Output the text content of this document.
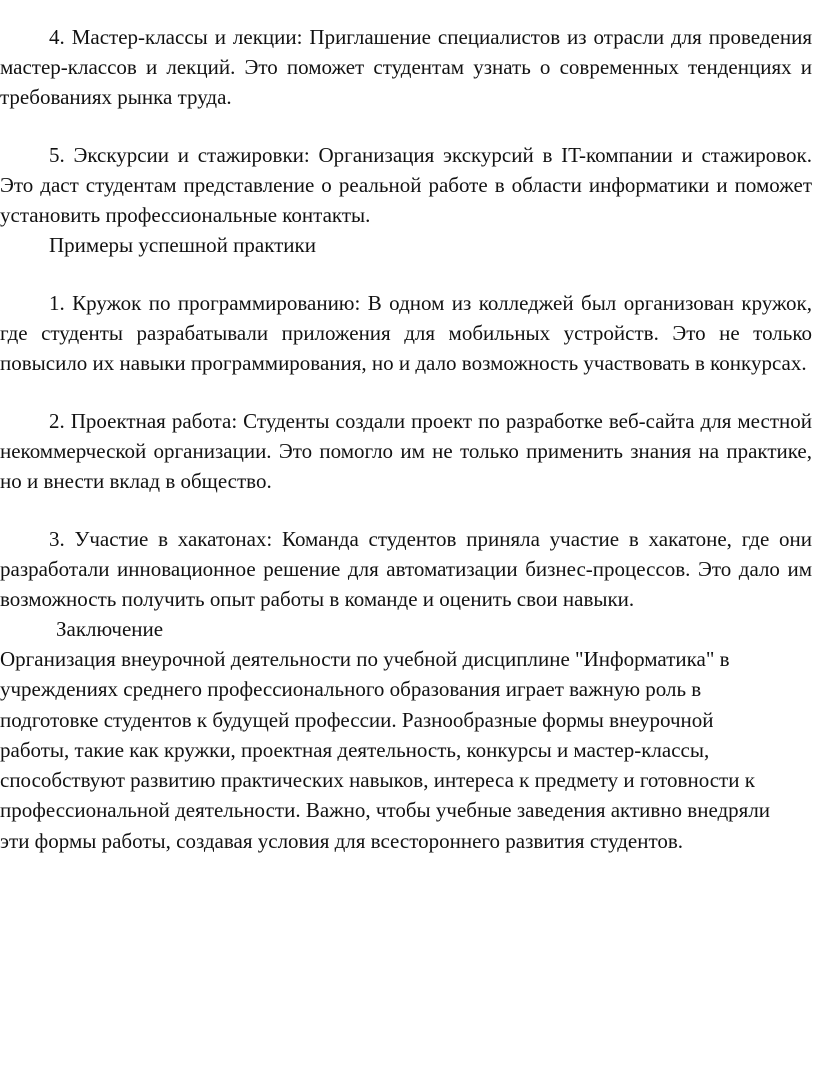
4. Мастер-классы и лекции: Приглашение специалистов из отрасли для проведения мастер-классов и лекций. Это поможет студентам узнать о современных тенденциях и требованиях рынка труда.

5. Экскурсии и стажировки: Организация экскурсий в IT-компании и стажировок. Это даст студентам представление о реальной работе в области информатики и поможет установить профессиональные контакты.

Примеры успешной практики

1. Кружок по программированию: В одном из колледжей был организован кружок, где студенты разрабатывали приложения для мобильных устройств. Это не только повысило их навыки программирования, но и дало возможность участвовать в конкурсах.

2. Проектная работа: Студенты создали проект по разработке веб-сайта для местной некоммерческой организации. Это помогло им не только применить знания на практике, но и внести вклад в общество.

3. Участие в хакатонах: Команда студентов приняла участие в хакатоне, где они разработали инновационное решение для автоматизации бизнес-процессов. Это дало им возможность получить опыт работы в команде и оценить свои навыки.

Заключение

Организация внеурочной деятельности по учебной дисциплине "Информатика" в учреждениях среднего профессионального образования играет важную роль в подготовке студентов к будущей профессии. Разнообразные формы внеурочной работы, такие как кружки, проектная деятельность, конкурсы и мастер-классы, способствуют развитию практических навыков, интереса к предмету и готовности к профессиональной деятельности. Важно, чтобы учебные заведения активно внедряли эти формы работы, создавая условия для всестороннего развития студентов.
